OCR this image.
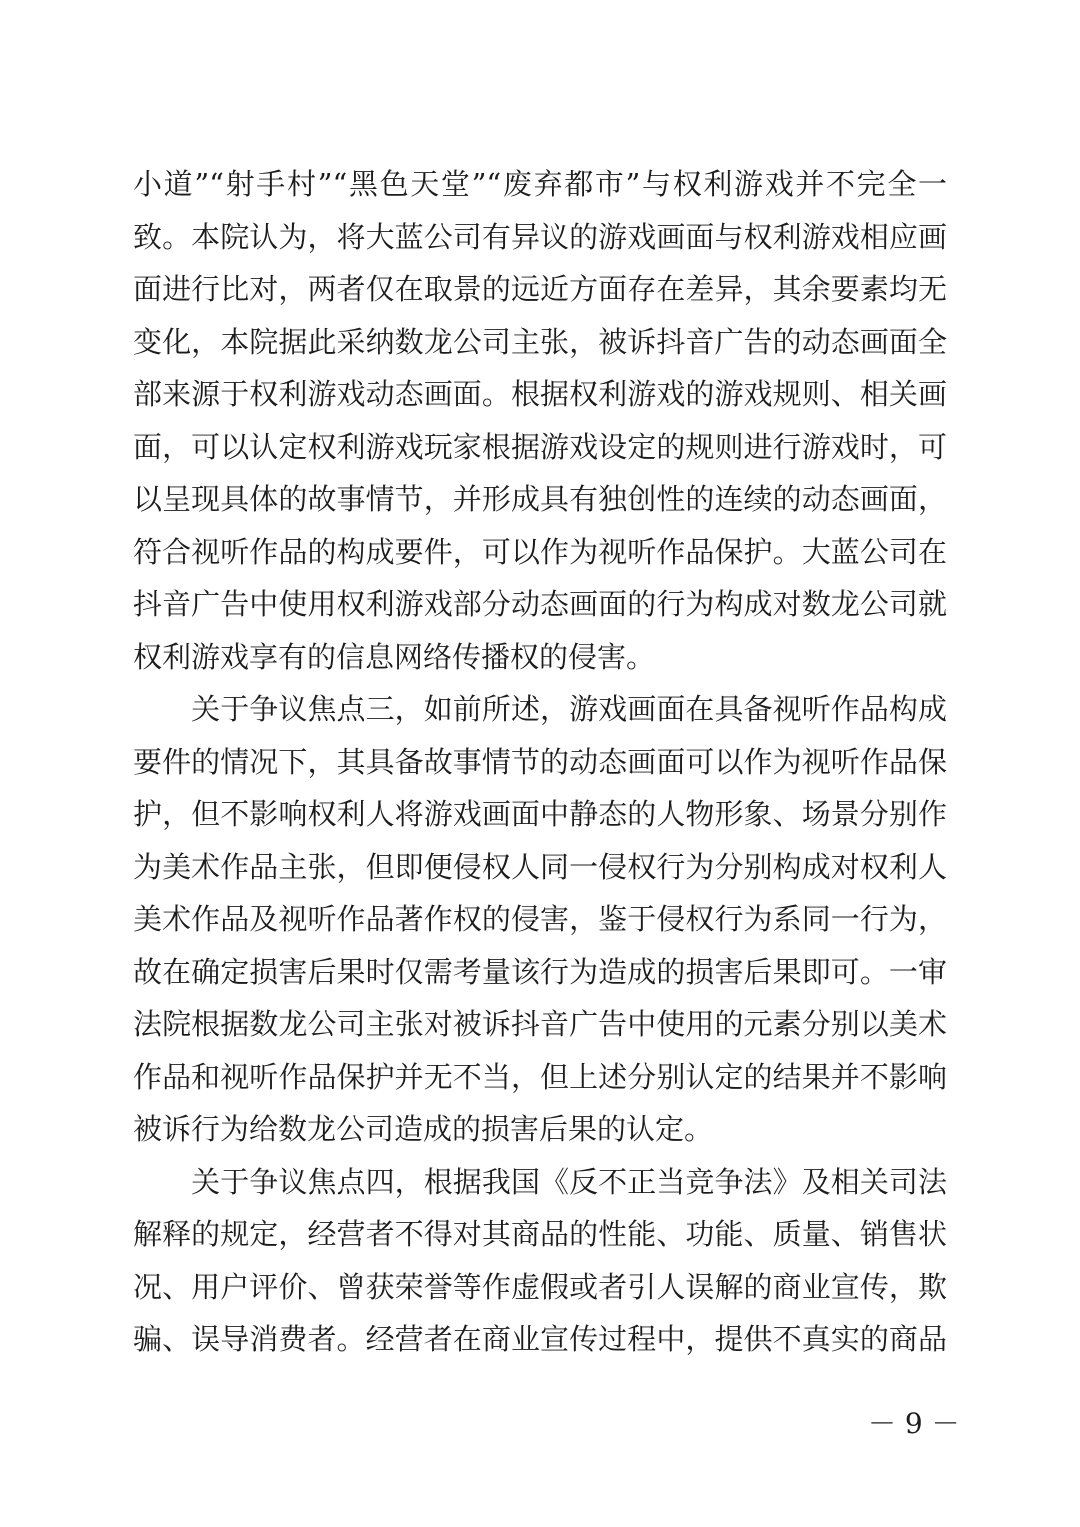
小道”“射手村”“黑色天堂”“废弃都市”与权利游戏并不完全一
致。本院认为，将大蓝公司有异议的游戏画面与权利游戏相应画
面进行比对，两者仅在取景的远近方面存在差异，其余要素均无
变化，本院据此采纳数龙公司主张，被诉抖音广告的动态画面全
部来源于权利游戏动态画面。根据权利游戏的游戏规则、相关画
面，可以认定权利游戏玩家根据游戏设定的规则进行游戏时，可
以呈现具体的故事情节，并形成具有独创性的连续的动态画面，
符合视听作品的构成要件，可以作为视听作品保护。大蓝公司在
抖音广告中使用权利游戏部分动态画面的行为构成对数龙公司就
权利游戏享有的信息网络传播权的侵害。
　　关于争议焦点三，如前所述，游戏画面在具备视听作品构成
要件的情况下，其具备故事情节的动态画面可以作为视听作品保
护，但不影响权利人将游戏画面中静态的人物形象、场景分别作
为美术作品主张，但即便侵权人同一侵权行为分别构成对权利人
美术作品及视听作品著作权的侵害，鉴于侵权行为系同一行为，
故在确定损害后果时仅需考量该行为造成的损害后果即可。一审
法院根据数龙公司主张对被诉抖音广告中使用的元素分别以美术
作品和视听作品保护并无不当，但上述分别认定的结果并不影响
被诉行为给数龙公司造成的损害后果的认定。
　　关于争议焦点四，根据我国《反不正当竞争法》及相关司法
解释的规定，经营者不得对其商品的性能、功能、质量、销售状
况、用户评价、曾获荣誉等作虚假或者引人误解的商业宣传，欺
骗、误导消费者。经营者在商业宣传过程中，提供不真实的商品
－ 9 －
